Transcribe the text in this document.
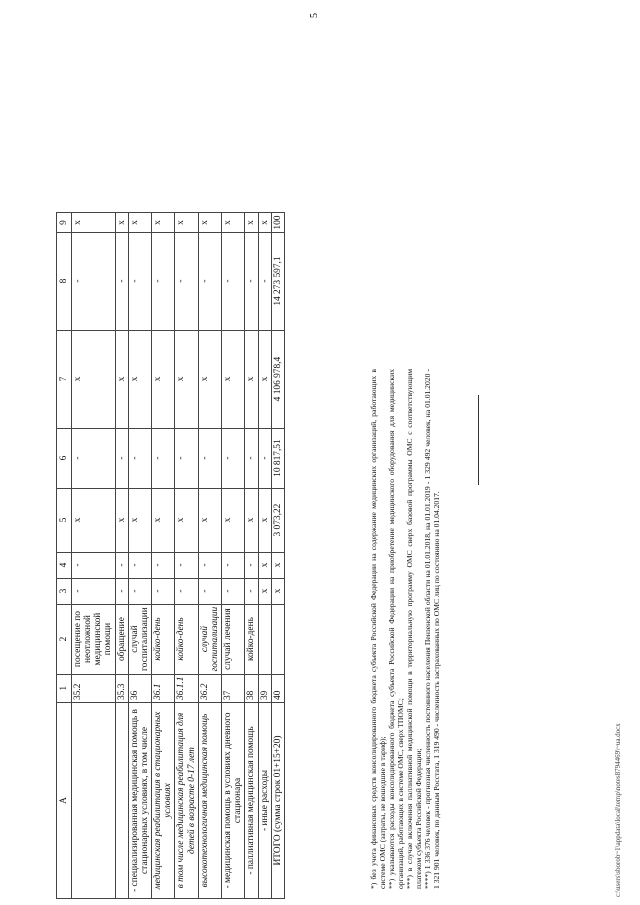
5
А	1	2	3	4	5	6	7	8	9
	35.2	посещение по неотложной медицинской помощи	-	-	х	-	х	-	х
	35.3	обращение	-	-	х	-	х	-	х
- специализированная медицинская помощь в стационарных условиях, в том числе	36	случай госпитализации	-	-	х	-	х	-	х
медицинская реабилитация в стационарных условиях	36.1	койко-день	-	-	х	-	х	-	х
в том числе медицинская реабилитация для детей в возрасте 0-17 лет	36.1.1	койко-день	-	-	х	-	х	-	х
высокотехнологичная медицинская помощь	36.2	случай госпитализации	-	-	х	-	х	-	х
- медицинская помощь в условиях дневного стационара	37	случай лечения	-	-	х	-	х	-	х
- паллиативная медицинская помощь	38	койко-день	-	-	х	-	х	-	х
- иные расходы	39		х	х	х	-	х	-	х
ИТОГО (сумма строк 01+15+20)	40		х	х	3 073,22	10 817,51	4 106 978,4	14 273 597,1	100

*) без учета финансовых средств консолидированного бюджета субъекта Российской Федерации на содержание медицинских организаций, работающих в системе ОМС (затраты, не вошедшие в тариф); **) указываются расходы консолидированного бюджета субъекта Российской Федерации на приобретение медицинского оборудования для медицинских организаций, работающих в системе ОМС, сверх ТПОМС; ***) в случае включения паллиативной медицинской помощи в территориальную программу ОМС сверх базовой программы ОМС с соответствующим платежом субъекта Российской Федерации; ****) 1 336 376 человек - прогнозная численность постоянного населения Пензенской области на 01.01.2018, на 01.01.2019 - 1 329 492 человек, на 01.01.2020 - 1 321 901 человек, по данным Росстата, 1 319 490 - численность застрахованных по ОМС лиц по состоянию на 01.04.2017.	c:\users\sborob~1\appdata\local\temp\notes8794469\~ua.docx
